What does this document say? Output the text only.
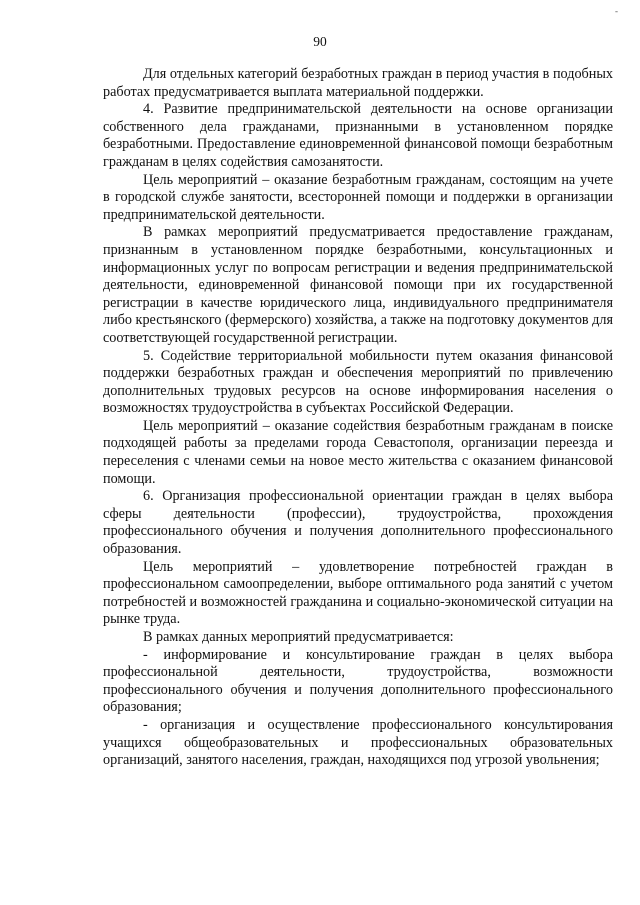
-
90

Для отдельных категорий безработных граждан в период участия в подобных работах предусматривается выплата материальной поддержки.

4. Развитие предпринимательской деятельности на основе организации собственного дела гражданами, признанными в установленном порядке безработными. Предоставление единовременной финансовой помощи безработным гражданам в целях содействия самозанятости.

Цель мероприятий – оказание безработным гражданам, состоящим на учете в городской службе занятости, всесторонней помощи и поддержки в организации предпринимательской деятельности.

В рамках мероприятий предусматривается предоставление гражданам, признанным в установленном порядке безработными, консультационных и информационных услуг по вопросам регистрации и ведения предпринимательской деятельности, единовременной финансовой помощи при их государственной регистрации в качестве юридического лица, индивидуального предпринимателя либо крестьянского (фермерского) хозяйства, а также на подготовку документов для соответствующей государственной регистрации.

5. Содействие территориальной мобильности путем оказания финансовой поддержки безработных граждан и обеспечения мероприятий по привлечению дополнительных трудовых ресурсов на основе информирования населения о возможностях трудоустройства в субъектах Российской Федерации.

Цель мероприятий – оказание содействия безработным гражданам в поиске подходящей работы за пределами города Севастополя, организации переезда и переселения с членами семьи на новое место жительства с оказанием финансовой помощи.

6. Организация профессиональной ориентации граждан в целях выбора сферы деятельности (профессии), трудоустройства, прохождения профессионального обучения и получения дополнительного профессионального образования.

Цель мероприятий – удовлетворение потребностей граждан в профессиональном самоопределении, выборе оптимального рода занятий с учетом потребностей и возможностей гражданина и социально-экономической ситуации на рынке труда.

В рамках данных мероприятий предусматривается:

- информирование и консультирование граждан в целях выбора профессиональной деятельности, трудоустройства, возможности профессионального обучения и получения дополнительного профессионального образования;

- организация и осуществление профессионального консультирования учащихся общеобразовательных и профессиональных образовательных организаций, занятого населения, граждан, находящихся под угрозой увольнения;
